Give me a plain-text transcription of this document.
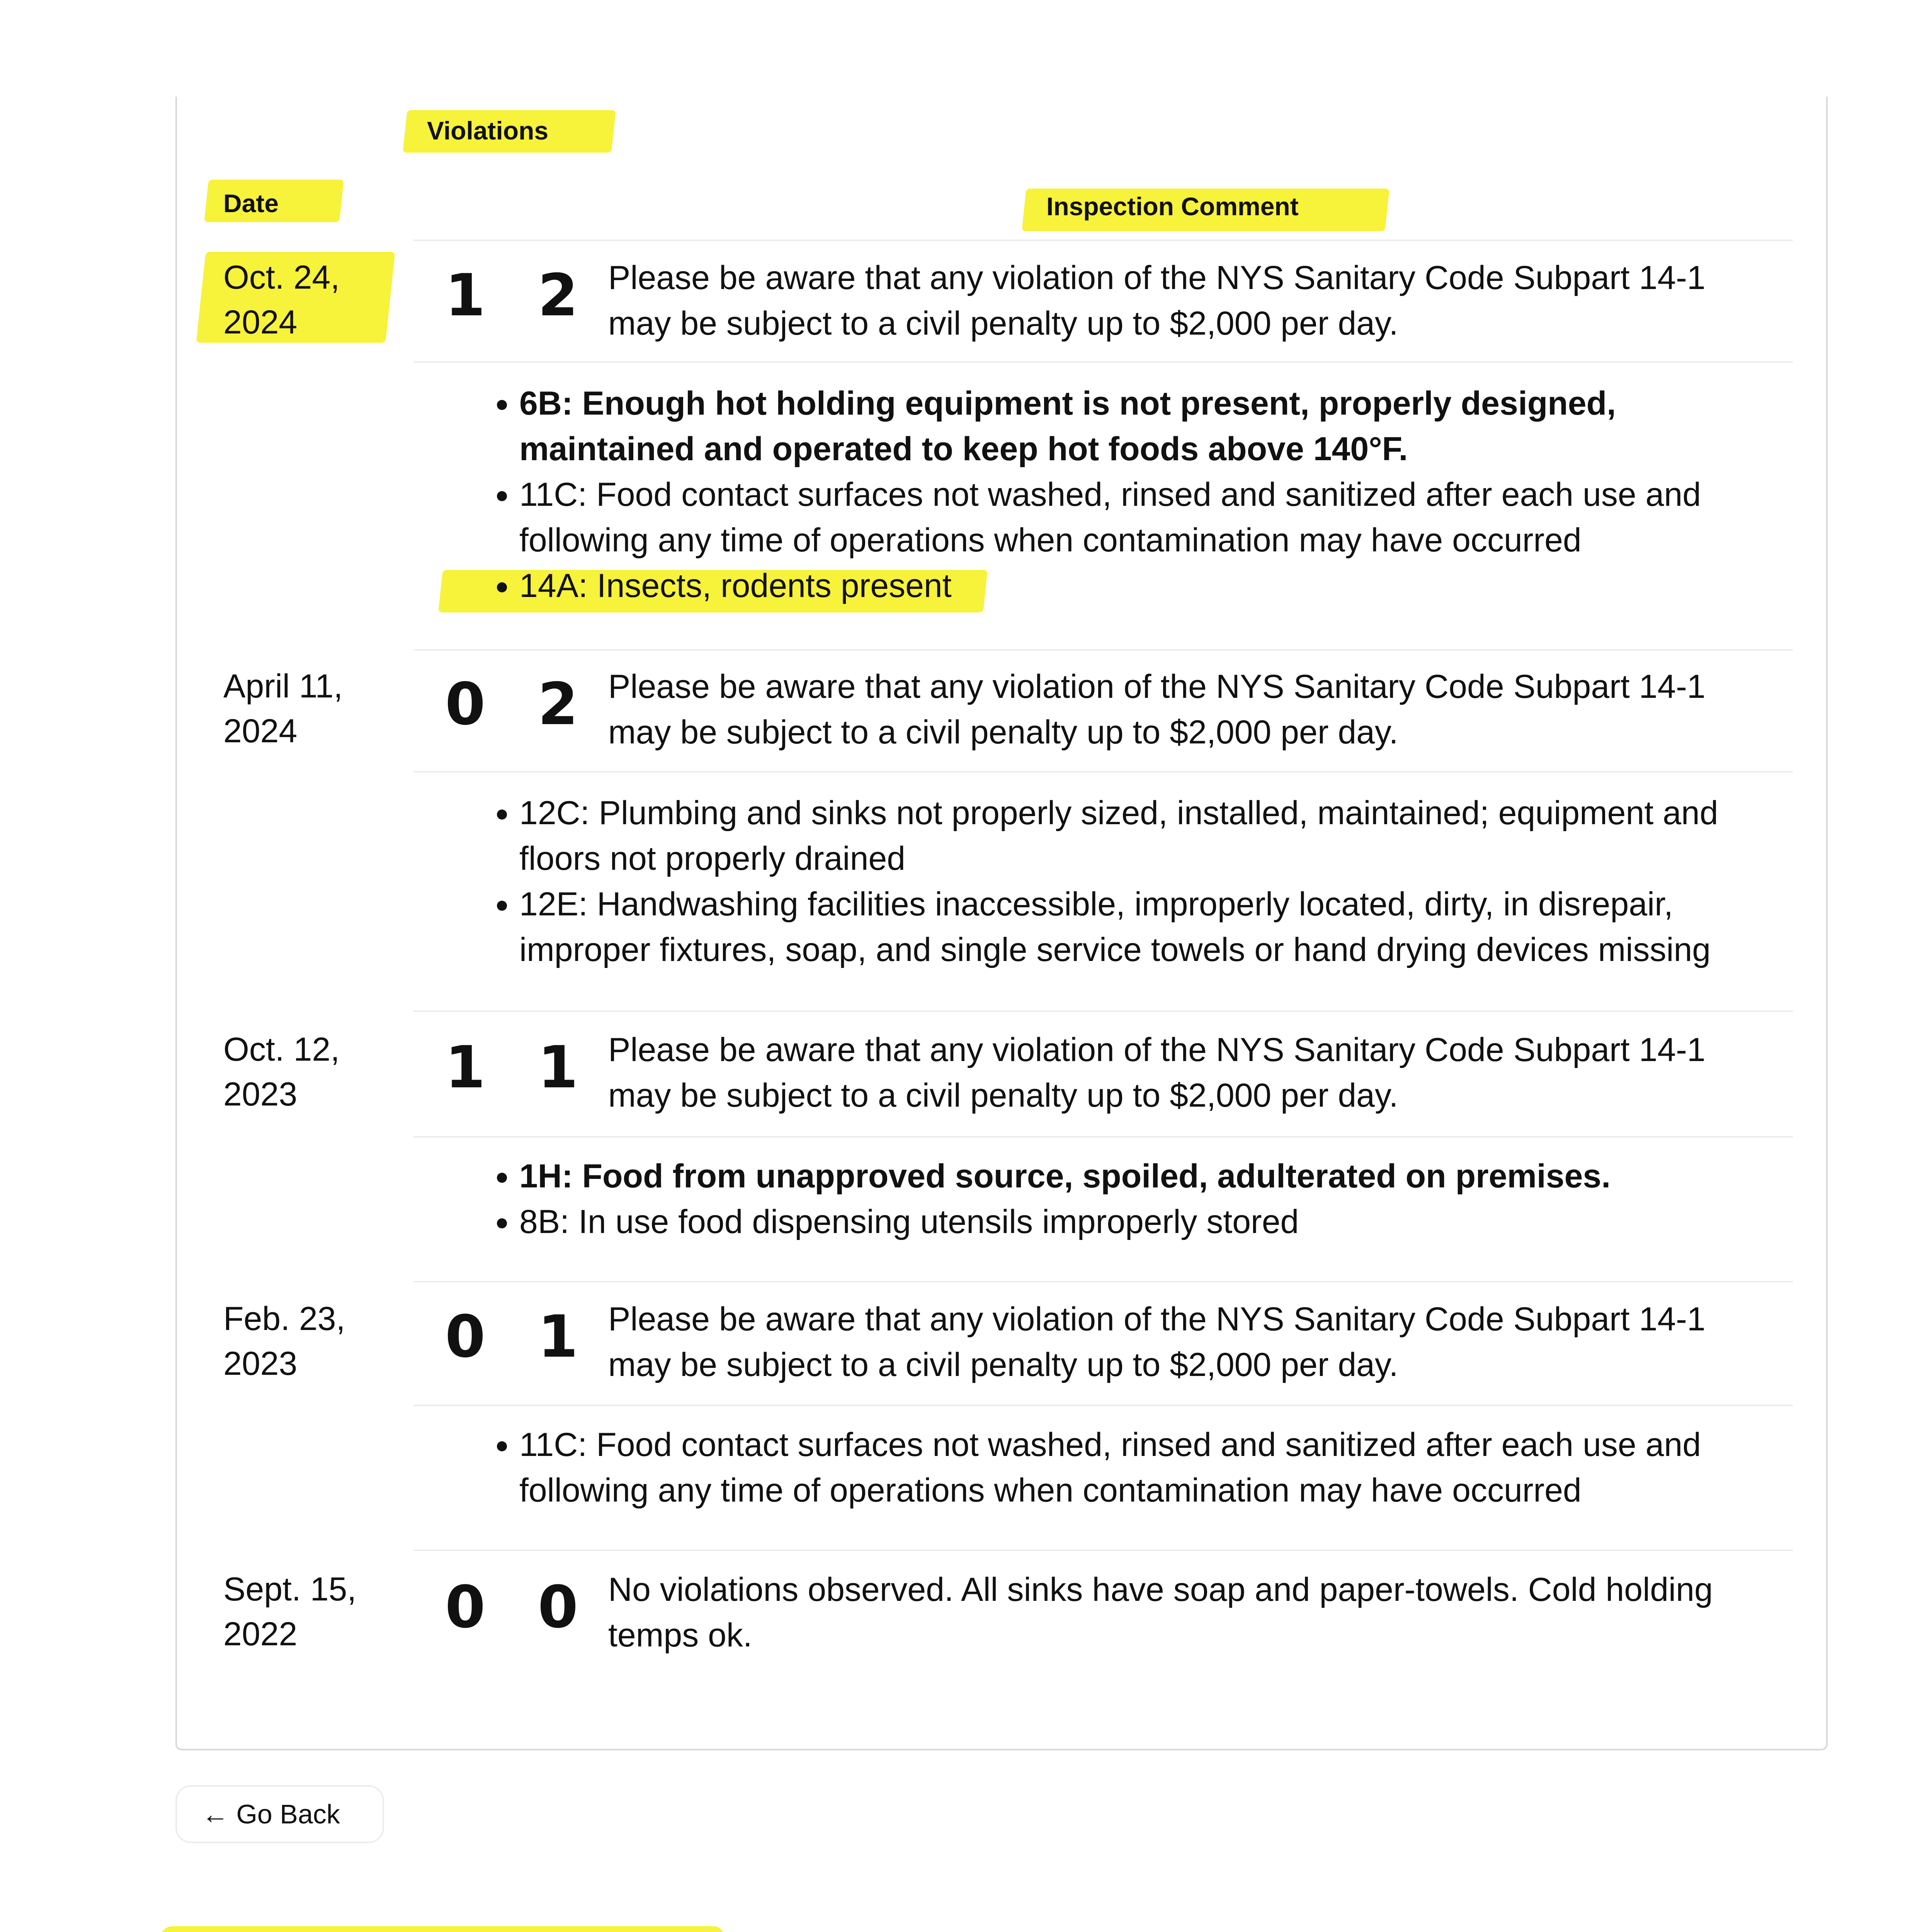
Violations
Date	Inspection Comment
Oct. 24,
2024	1 2 Please be aware that any violation of the NYS Sanitary Code Subpart 14-1
may be subject to a civil penalty up to $2,000 per day.
• 6B: Enough hot holding equipment is not present, properly designed,
maintained and operated to keep hot foods above 140°F.
• 11C: Food contact surfaces not washed, rinsed and sanitized after each use and
following any time of operations when contamination may have occurred
• 14A: Insects, rodents present
April 11,
2024	0 2 Please be aware that any violation of the NYS Sanitary Code Subpart 14-1
may be subject to a civil penalty up to $2,000 per day.
• 12C: Plumbing and sinks not properly sized, installed, maintained; equipment and
floors not properly drained
• 12E: Handwashing facilities inaccessible, improperly located, dirty, in disrepair,
improper fixtures, soap, and single service towels or hand drying devices missing
Oct. 12,
2023	1 1 Please be aware that any violation of the NYS Sanitary Code Subpart 14-1
may be subject to a civil penalty up to $2,000 per day.
• 1H: Food from unapproved source, spoiled, adulterated on premises.
• 8B: In use food dispensing utensils improperly stored
Feb. 23,
2023	0 1 Please be aware that any violation of the NYS Sanitary Code Subpart 14-1
may be subject to a civil penalty up to $2,000 per day.
• 11C: Food contact surfaces not washed, rinsed and sanitized after each use and
following any time of operations when contamination may have occurred
Sept. 15,
2022	0 0 No violations observed. All sinks have soap and paper-towels. Cold holding
temps ok.
← Go Back
